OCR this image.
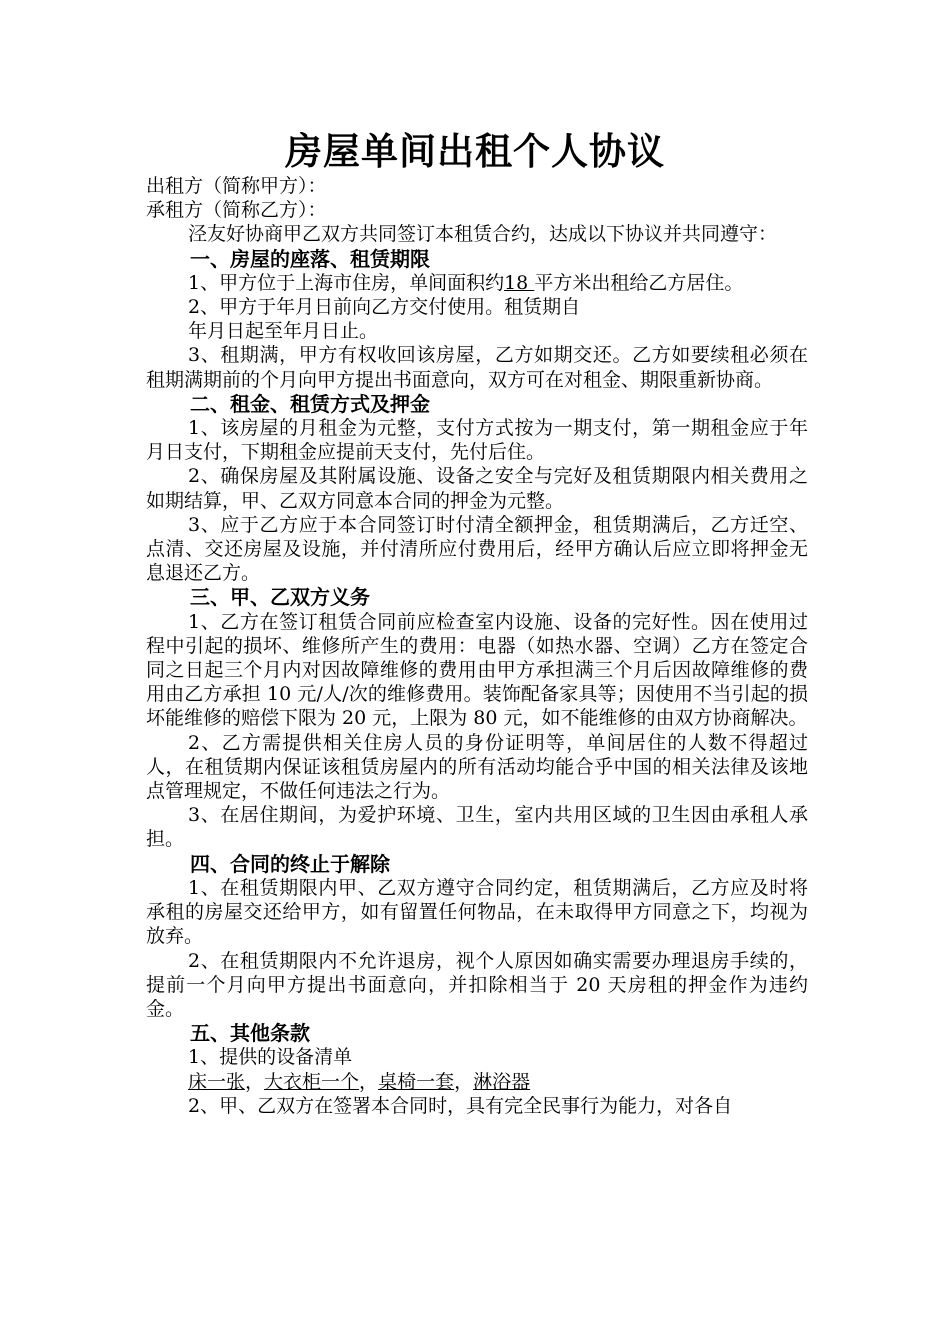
房屋单间出租个人协议

出租方（简称甲方）：

承租方（简称乙方）：

泾友好协商甲乙双方共同签订本租赁合约，达成以下协议并共同遵守：

一、房屋的座落、租赁期限

1、甲方位于上海市住房，单间面积约18 平方米出租给乙方居住。

2、甲方于年月日前向乙方交付使用。租赁期自

年月日起至年月日止。

3、租期满，甲方有权收回该房屋，乙方如期交还。乙方如要续租必须在租期满期前的个月向甲方提出书面意向，双方可在对租金、期限重新协商。

二、租金、租赁方式及押金

1、该房屋的月租金为元整，支付方式按为一期支付，第一期租金应于年月日支付，下期租金应提前天支付，先付后住。

2、确保房屋及其附属设施、设备之安全与完好及租赁期限内相关费用之如期结算，甲、乙双方同意本合同的押金为元整。

3、应于乙方应于本合同签订时付清全额押金，租赁期满后，乙方迁空、点清、交还房屋及设施，并付清所应付费用后，经甲方确认后应立即将押金无息退还乙方。

三、甲、乙双方义务

1、乙方在签订租赁合同前应检查室内设施、设备的完好性。因在使用过程中引起的损坏、维修所产生的费用：电器（如热水器、空调）乙方在签定合同之日起三个月内对因故障维修的费用由甲方承担满三个月后因故障维修的费用由乙方承担 10 元/人/次的维修费用。装饰配备家具等；因使用不当引起的损坏能维修的赔偿下限为 20 元，上限为 80 元，如不能维修的由双方协商解决。

2、乙方需提供相关住房人员的身份证明等，单间居住的人数不得超过人，在租赁期内保证该租赁房屋内的所有活动均能合乎中国的相关法律及该地点管理规定，不做任何违法之行为。

3、在居住期间，为爱护环境、卫生，室内共用区域的卫生因由承租人承担。

四、合同的终止于解除

1、在租赁期限内甲、乙双方遵守合同约定，租赁期满后，乙方应及时将承租的房屋交还给甲方，如有留置任何物品，在未取得甲方同意之下，均视为放弃。

2、在租赁期限内不允许退房，视个人原因如确实需要办理退房手续的，提前一个月向甲方提出书面意向，并扣除相当于 20 天房租的押金作为违约金。

五、其他条款

1、提供的设备清单

床一张，大衣柜一个，桌椅一套，淋浴器

2、甲、乙双方在签署本合同时，具有完全民事行为能力，对各自
